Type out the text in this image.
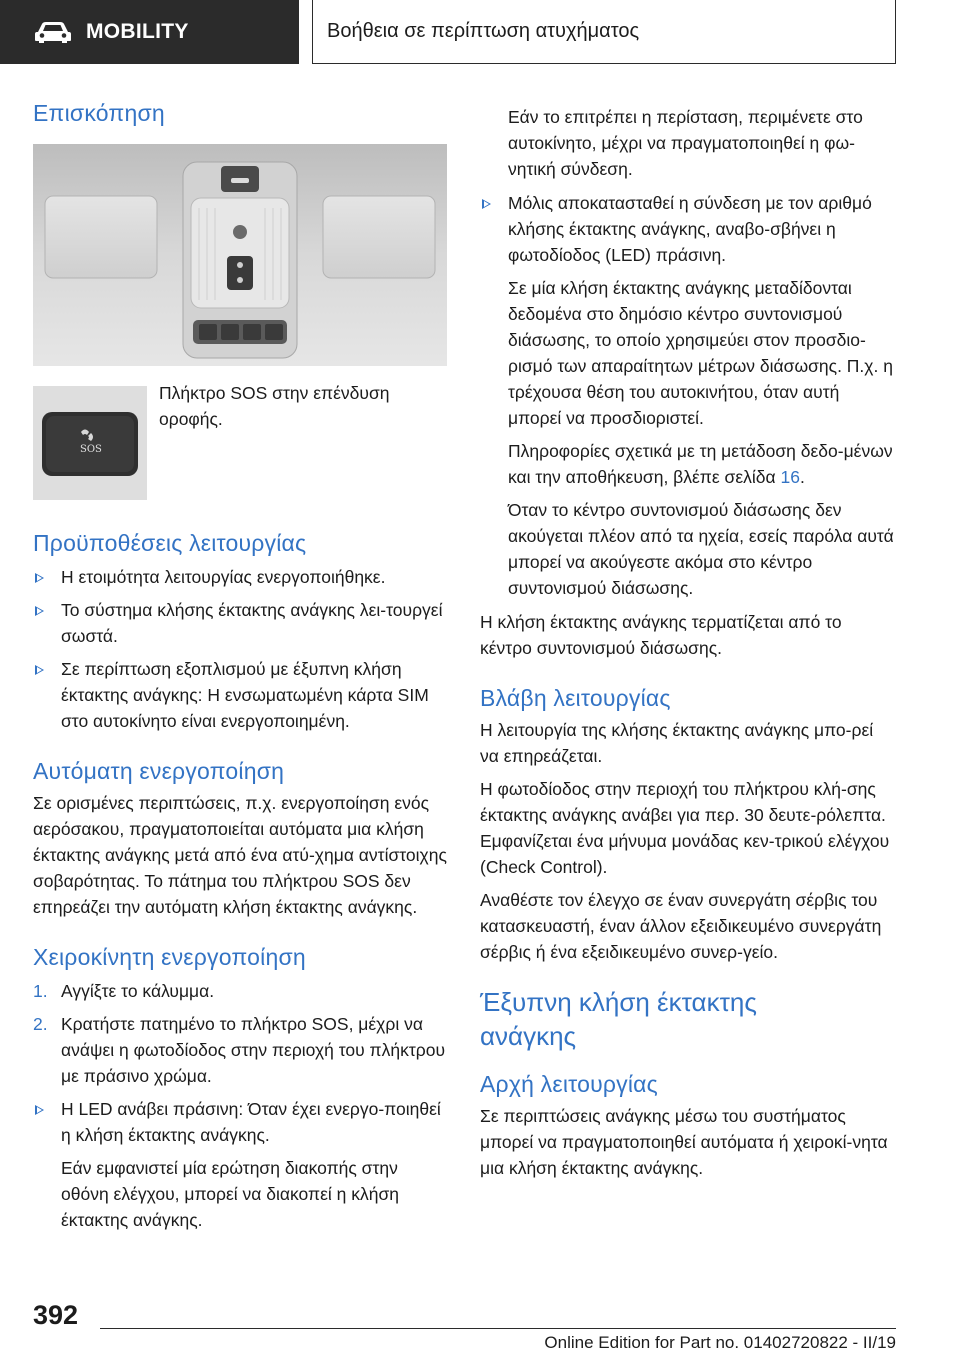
MOBILITY	Βοήθεια σε περίπτωση ατυχήματος
Επισκόπηση
SOS

Πλήκτρο SOS στην επένδυση οροφής.

Προϋποθέσεις λειτουργίας
Η ετοιμότητα λειτουργίας ενεργοποιήθηκε.
Το σύστημα κλήσης έκτακτης ανάγκης λει-τουργεί σωστά.
Σε περίπτωση εξοπλισμού με έξυπνη κλήση έκτακτης ανάγκης: Η ενσωματωμένη κάρτα SIM στο αυτοκίνητο είναι ενεργοποιημένη.
Αυτόματη ενεργοποίηση

Σε ορισμένες περιπτώσεις, π.χ. ενεργοποίηση ενός αερόσακου, πραγματοποιείται αυτόματα μια κλήση έκτακτης ανάγκης μετά από ένα ατύ-χημα αντίστοιχης σοβαρότητας. Το πάτημα του πλήκτρου SOS δεν επηρεάζει την αυτόματη κλήση έκτακτης ανάγκης.

Χειροκίνητη ενεργοποίηση
1. Αγγίξτε το κάλυμμα.
2. Κρατήστε πατημένο το πλήκτρο SOS, μέχρι να ανάψει η φωτοδίοδος στην περιοχή του πλήκτρου με πράσινο χρώμα.
Η LED ανάβει πράσινη: Όταν έχει ενεργο-ποιηθεί η κλήση έκτακτης ανάγκης.

Εάν εμφανιστεί μία ερώτηση διακοπής στην οθόνη ελέγχου, μπορεί να διακοπεί η κλήση έκτακτης ανάγκης.

Εάν το επιτρέπει η περίσταση, περιμένετε στο αυτοκίνητο, μέχρι να πραγματοποιηθεί η φω-νητική σύνδεση.

Μόλις αποκατασταθεί η σύνδεση με τον αριθμό κλήσης έκτακτης ανάγκης, αναβο-σβήνει η φωτοδίοδος (LED) πράσινη.

Σε μία κλήση έκτακτης ανάγκης μεταδίδονται δεδομένα στο δημόσιο κέντρο συντονισμού διάσωσης, το οποίο χρησιμεύει στον προσδιο-ρισμό των απαραίτητων μέτρων διάσωσης. Π.χ. η τρέχουσα θέση του αυτοκινήτου, όταν αυτή μπορεί να προσδιοριστεί.

Πληροφορίες σχετικά με τη μετάδοση δεδο-μένων και την αποθήκευση, βλέπε σελίδα 16.

Όταν το κέντρο συντονισμού διάσωσης δεν ακούγεται πλέον από τα ηχεία, εσείς παρόλα αυτά μπορεί να ακούγεστε ακόμα στο κέντρο συντονισμού διάσωσης.

Η κλήση έκτακτης ανάγκης τερματίζεται από το κέντρο συντονισμού διάσωσης.

Βλάβη λειτουργίας

Η λειτουργία της κλήσης έκτακτης ανάγκης μπο-ρεί να επηρεάζεται.

Η φωτοδίοδος στην περιοχή του πλήκτρου κλή-σης έκτακτης ανάγκης ανάβει για περ. 30 δευτε-ρόλεπτα. Εμφανίζεται ένα μήνυμα μονάδας κεν-τρικού ελέγχου (Check Control).

Αναθέστε τον έλεγχο σε έναν συνεργάτη σέρβις του κατασκευαστή, έναν άλλον εξειδικευμένο συνεργάτη σέρβις ή ένα εξειδικευμένο συνερ-γείο.

Έξυπνη κλήση έκτακτης ανάγκης
Αρχή λειτουργίας

Σε περιπτώσεις ανάγκης μέσω του συστήματος μπορεί να πραγματοποιηθεί αυτόματα ή χειροκί-νητα μια κλήση έκτακτης ανάγκης.

392
Online Edition for Part no. 01402720822 - II/19
